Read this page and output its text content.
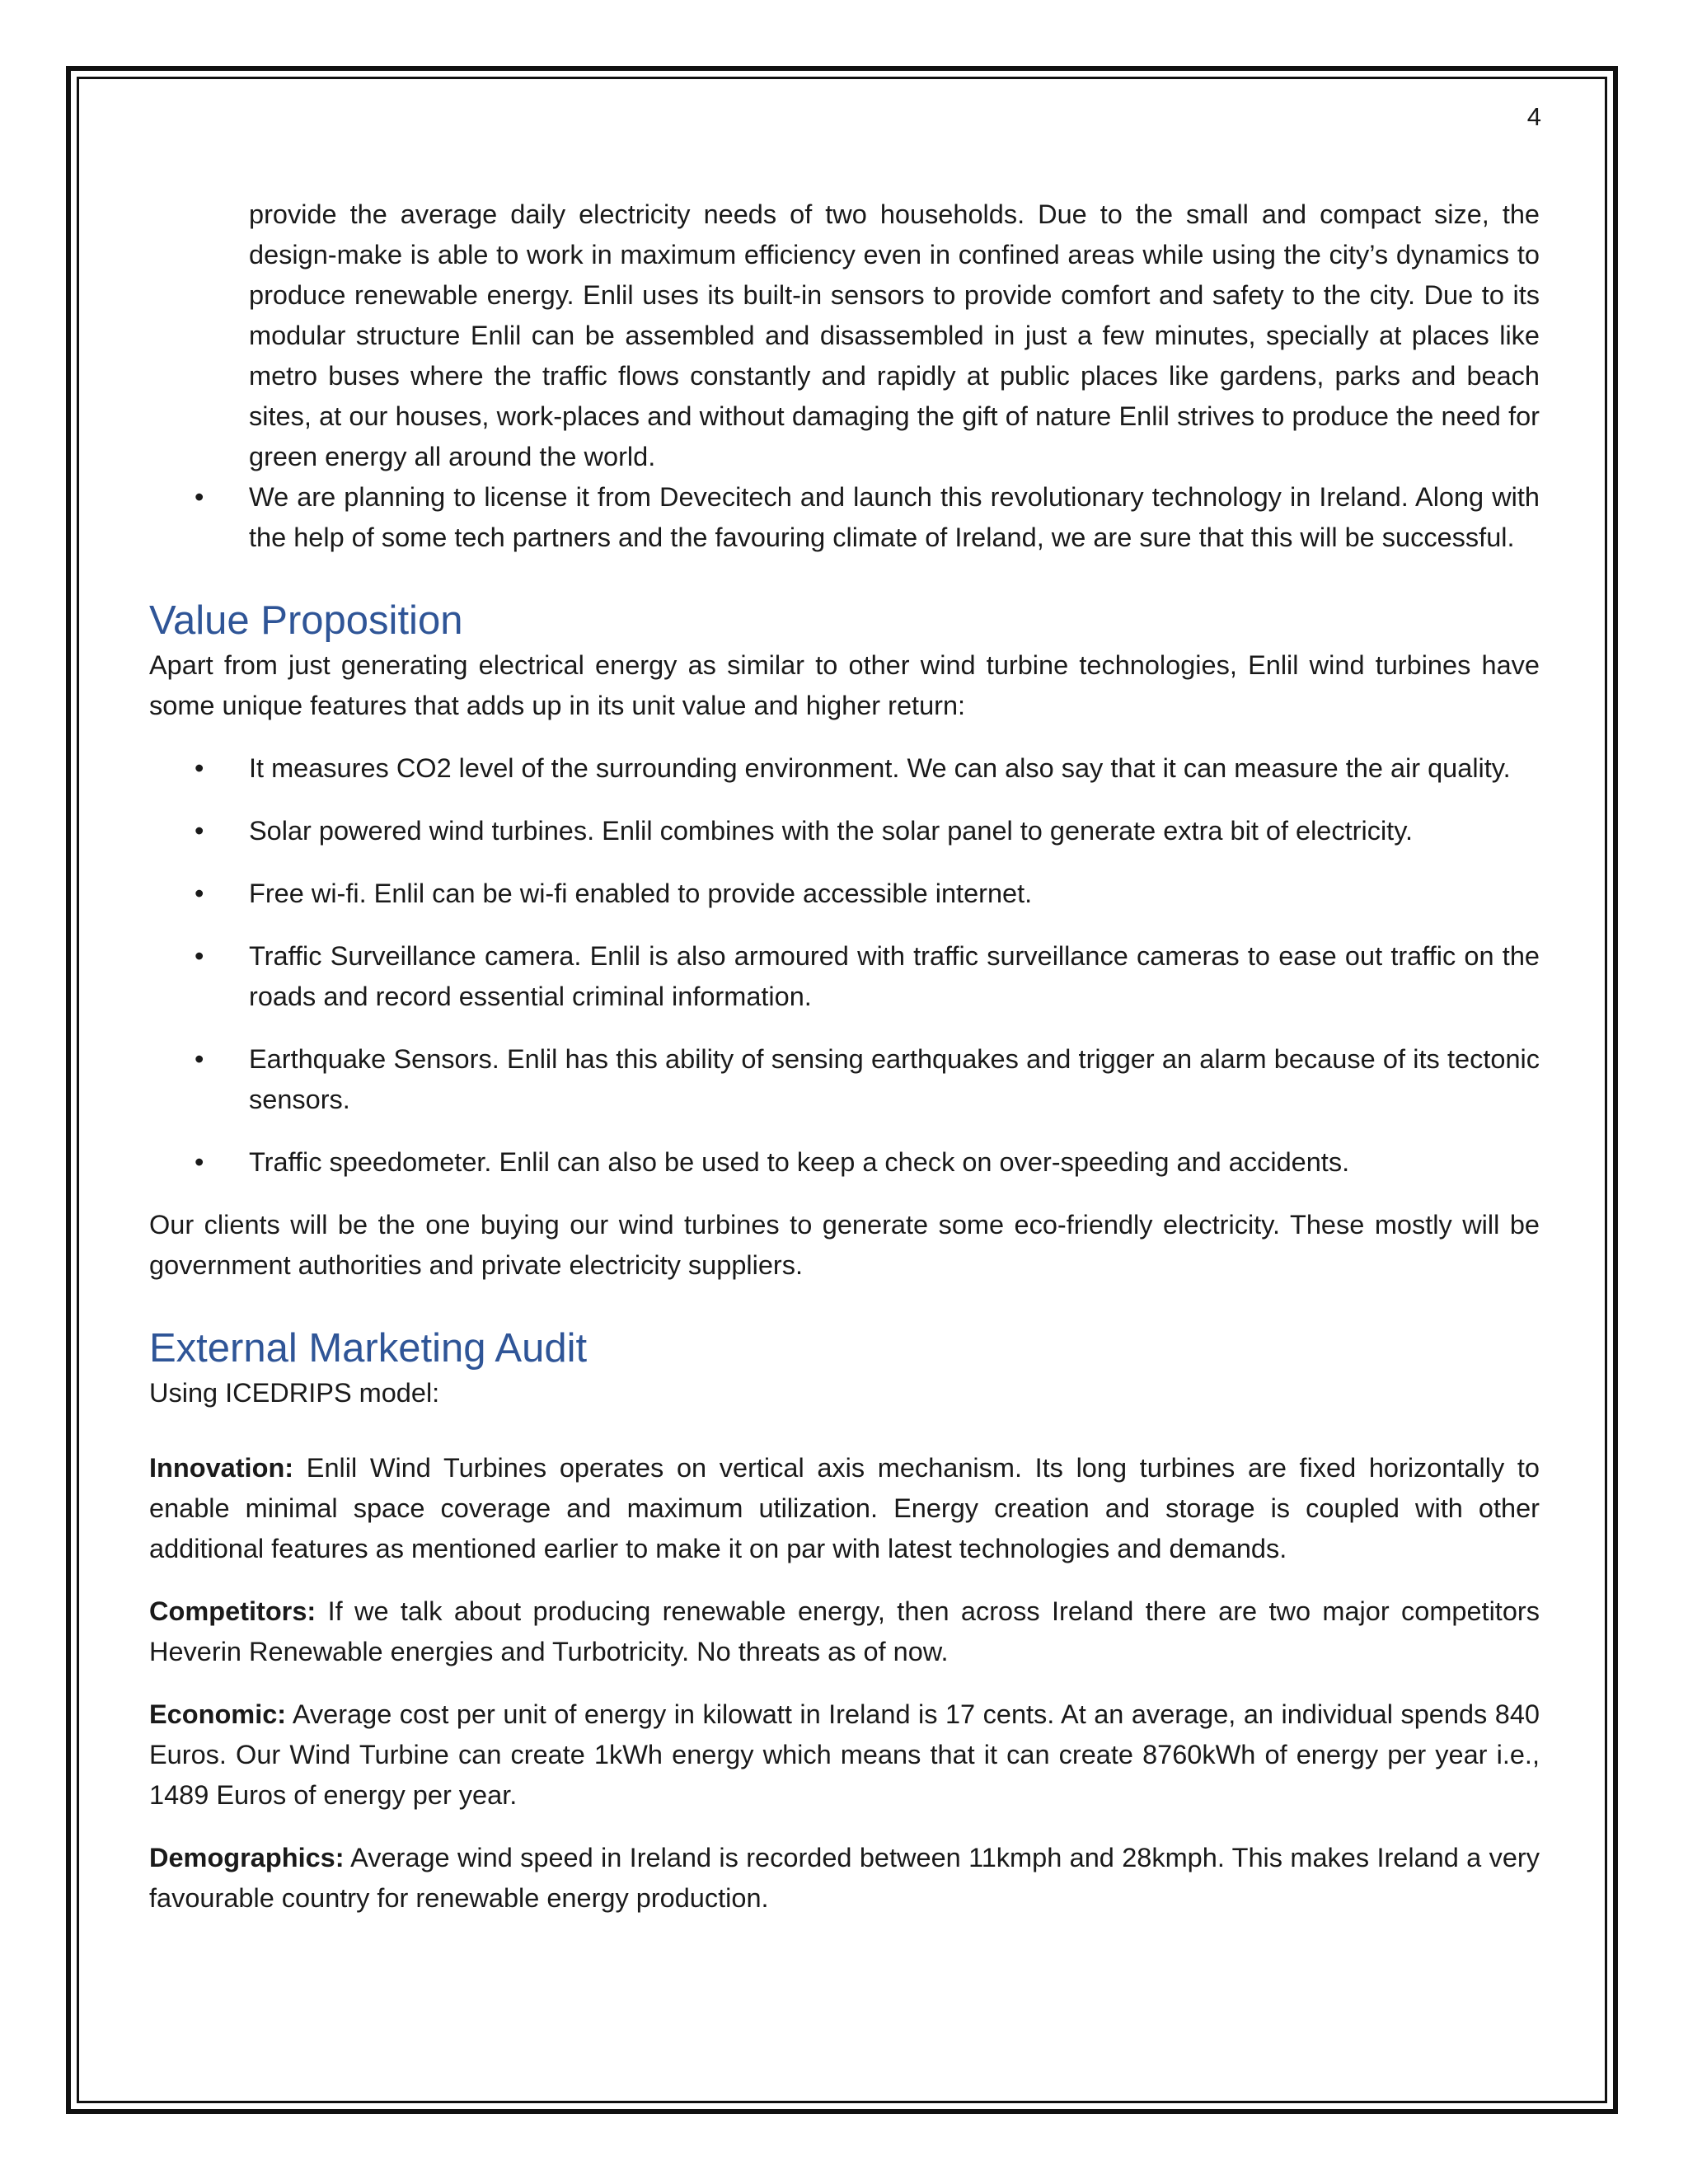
4

provide the average daily electricity needs of two households. Due to the small and compact size, the design-make is able to work in maximum efficiency even in confined areas while using the city’s dynamics to produce renewable energy. Enlil uses its built-in sensors to provide comfort and safety to the city. Due to its modular structure Enlil can be assembled and disassembled in just a few minutes, specially at places like metro buses where the traffic flows constantly and rapidly at public places like gardens, parks and beach sites, at our houses, work-places and without damaging the gift of nature Enlil strives to produce the need for green energy all around the world.

•	We are planning to license it from Devecitech and launch this revolutionary technology in Ireland. Along with the help of some tech partners and the favouring climate of Ireland, we are sure that this will be successful.
Value Proposition

Apart from just generating electrical energy as similar to other wind turbine technologies, Enlil wind turbines have some unique features that adds up in its unit value and higher return:

•	It measures CO2 level of the surrounding environment. We can also say that it can measure the air quality.
•	Solar powered wind turbines. Enlil combines with the solar panel to generate extra bit of electricity.
•	Free wi-fi. Enlil can be wi-fi enabled to provide accessible internet.
•	Traffic Surveillance camera. Enlil is also armoured with traffic surveillance cameras to ease out traffic on the roads and record essential criminal information.
•	Earthquake Sensors. Enlil has this ability of sensing earthquakes and trigger an alarm because of its tectonic sensors.
•	Traffic speedometer. Enlil can also be used to keep a check on over-speeding and accidents.

Our clients will be the one buying our wind turbines to generate some eco-friendly electricity. These mostly will be government authorities and private electricity suppliers.

External Marketing Audit

Using ICEDRIPS model:

Innovation: Enlil Wind Turbines operates on vertical axis mechanism. Its long turbines are fixed horizontally to enable minimal space coverage and maximum utilization. Energy creation and storage is coupled with other additional features as mentioned earlier to make it on par with latest technologies and demands.

Competitors: If we talk about producing renewable energy, then across Ireland there are two major competitors Heverin Renewable energies and Turbotricity. No threats as of now.

Economic: Average cost per unit of energy in kilowatt in Ireland is 17 cents. At an average, an individual spends 840 Euros. Our Wind Turbine can create 1kWh energy which means that it can create 8760kWh of energy per year i.e., 1489 Euros of energy per year.

Demographics: Average wind speed in Ireland is recorded between 11kmph and 28kmph. This makes Ireland a very favourable country for renewable energy production.
